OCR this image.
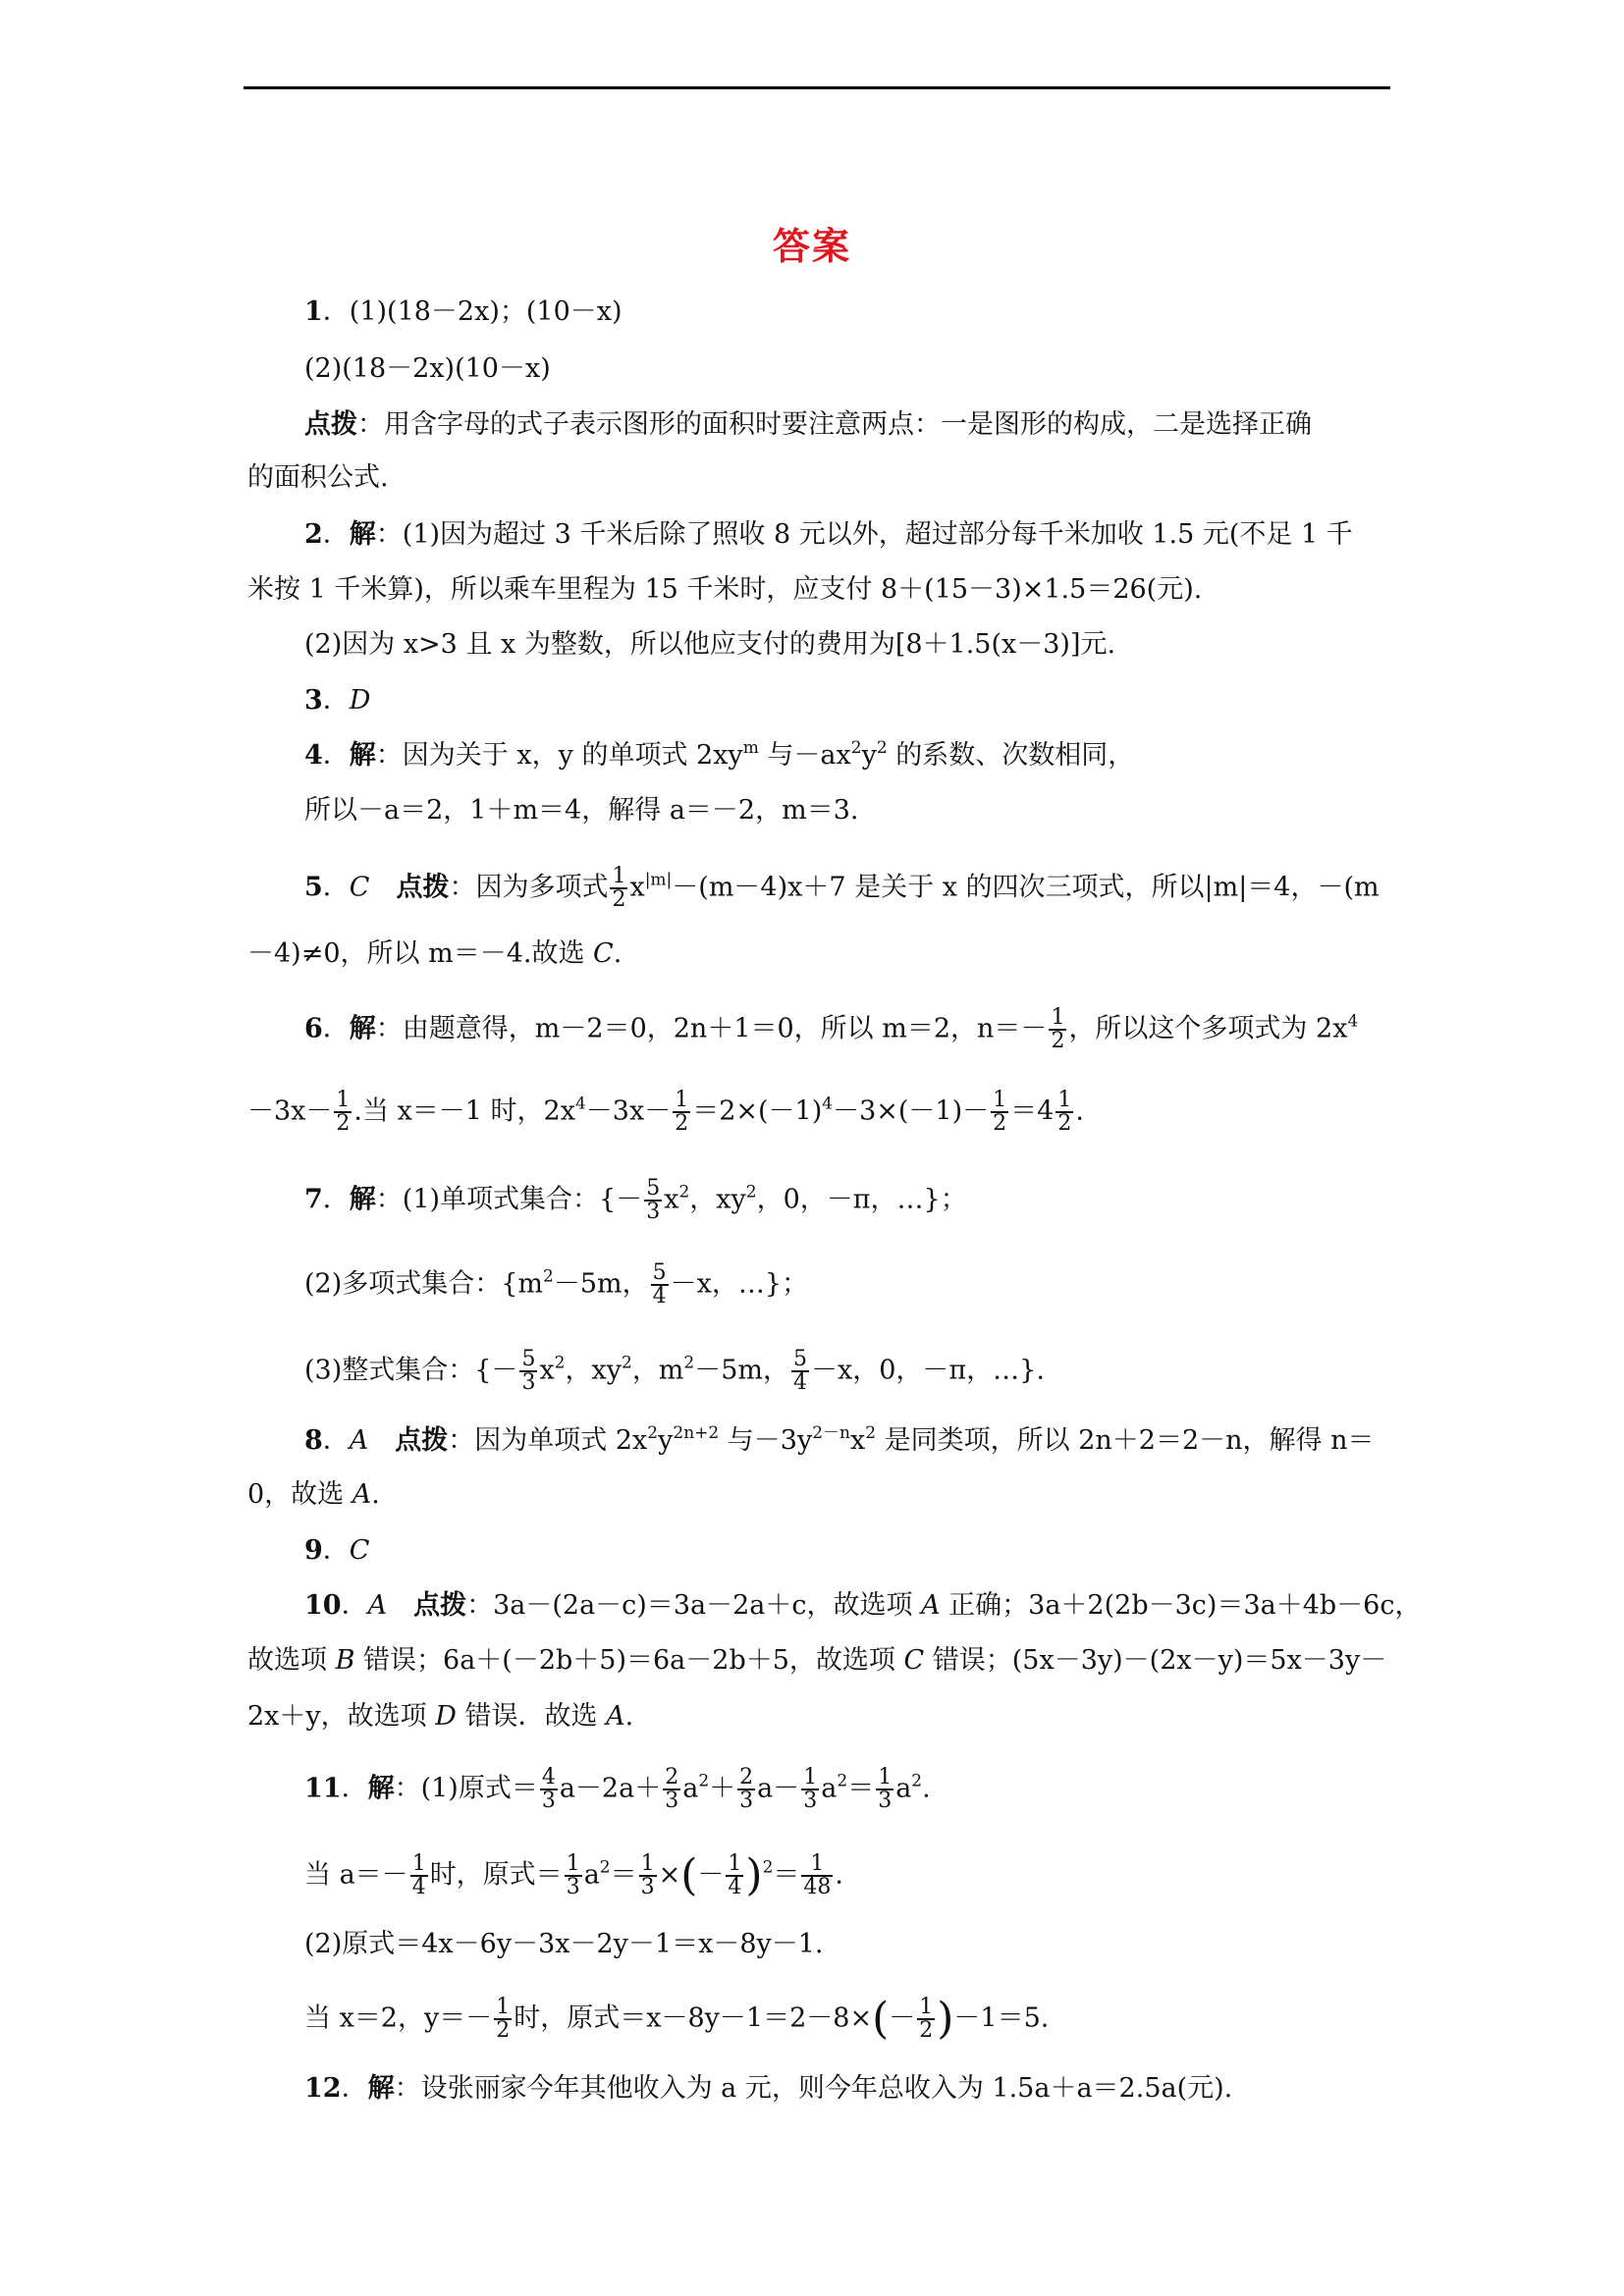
答案
1．(1)(18－2x)；(10－x)
(2)(18－2x)(10－x)
点拨：用含字母的式子表示图形的面积时要注意两点：一是图形的构成，二是选择正确
的面积公式.
2．解：(1)因为超过 3 千米后除了照收 8 元以外，超过部分每千米加收 1.5 元(不足 1 千
米按 1 千米算)，所以乘车里程为 15 千米时，应支付 8＋(15－3)×1.5＝26(元).
(2)因为 x>3 且 x 为整数，所以他应支付的费用为[8＋1.5(x－3)]元.
3．D
4．解：因为关于 x，y 的单项式 $2xy^m$ 与$-ax^2y^2$ 的系数、次数相同，
所以－a＝2，1＋m＝4，解得 a＝－2，m＝3.
5．C　 点拨：因为多项式 $\frac{1}{2} x^{|m|}-(m-4)x+7$ 是关于 x 的四次三项式，所以|m|＝4，－(m
－4)≠0，所以 m＝－4.故选 C.
6．解：由题意得，m－2＝0，2n＋1＝0，所以 m＝2，$n=- \frac{1}{2}$ ，所以这个多项式为 $2x^4$
$-3x- \frac{1}{2}$ .当 x＝－1 时，$2x^4-3x- \frac{1}{2} =2\times(-1)^4-3\times(-1)- \frac{1}{2} =4 \frac{1}{2}$ .
7．解：(1)单项式集合：{－ $\frac{5}{3} x^2$，$xy^2$，0，－π，…}；
(2)多项式集合：{$m^2-5m$， $\frac{5}{4} -x$，…}；
(3)整式集合：{－ $\frac{5}{3} x^2$，$xy^2$，$m^2-5m$， $\frac{5}{4} -x$，0，－π，…}.
8．A　 点拨：因为单项式 $2x^2y^{2n+2}$ 与$-3y^{2-n}x^2$ 是同类项，所以 2n＋2＝2－n，解得 n＝
0，故选 A.
9．C
10．A　 点拨：3a－(2a－c)＝3a－2a＋c，故选项 A 正确；3a＋2(2b－3c)＝3a＋4b－6c，
故选项 B 错误；6a＋(－2b＋5)＝6a－2b＋5，故选项 C 错误；(5x－3y)－(2x－y)＝5x－3y－
2x＋y，故选项 D 错误．故选 A.
11．解：(1)原式＝ $\frac{4}{3} a-2a+ \frac{2}{3} a^2+ \frac{2}{3} a- \frac{1}{3} a^2= \frac{1}{3} a^2$.
当 $a=- \frac{1}{4}$ 时，原式＝ $\frac{1}{3} a^2= \frac{1}{3}$ ×(－ $\frac{1}{4} )^2= \frac{1}{48}$ .
(2)原式＝4x－6y－3x－2y－1＝x－8y－1.
当 x＝2，$y=- \frac{1}{2}$ 时，原式$=x-8y-1=2-8\times(- \frac{1}{2} )-1=5$.
12．解：设张丽家今年其他收入为 a 元，则今年总收入为 1.5a＋a＝2.5a(元).
